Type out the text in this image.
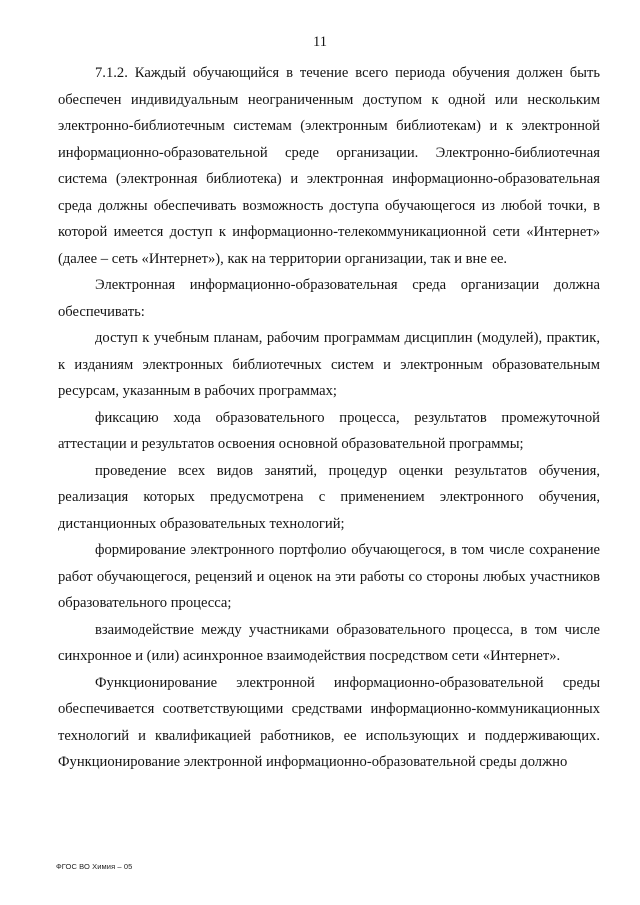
11

7.1.2. Каждый обучающийся в течение всего периода обучения должен быть обеспечен индивидуальным неограниченным доступом к одной или нескольким электронно-библиотечным системам (электронным библиотекам) и к электронной информационно-образовательной среде организации. Электронно-библиотечная система (электронная библиотека) и электронная информационно-образовательная среда должны обеспечивать возможность доступа обучающегося из любой точки, в которой имеется доступ к информационно-телекоммуникационной сети «Интернет» (далее – сеть «Интернет»), как на территории организации, так и вне ее.

Электронная информационно-образовательная среда организации должна обеспечивать:

доступ к учебным планам, рабочим программам дисциплин (модулей), практик, к изданиям электронных библиотечных систем и электронным образовательным ресурсам, указанным в рабочих программах;

фиксацию хода образовательного процесса, результатов промежуточной аттестации и результатов освоения основной образовательной программы;

проведение всех видов занятий, процедур оценки результатов обучения, реализация которых предусмотрена с применением электронного обучения, дистанционных образовательных технологий;

формирование электронного портфолио обучающегося, в том числе сохранение работ обучающегося, рецензий и оценок на эти работы со стороны любых участников образовательного процесса;

взаимодействие между участниками образовательного процесса, в том числе синхронное и (или) асинхронное взаимодействия посредством сети «Интернет».

Функционирование электронной информационно-образовательной среды обеспечивается соответствующими средствами информационно-коммуникационных технологий и квалификацией работников, ее использующих и поддерживающих. Функционирование электронной информационно-образовательной среды должно

ФГОС ВО Химия – 05
